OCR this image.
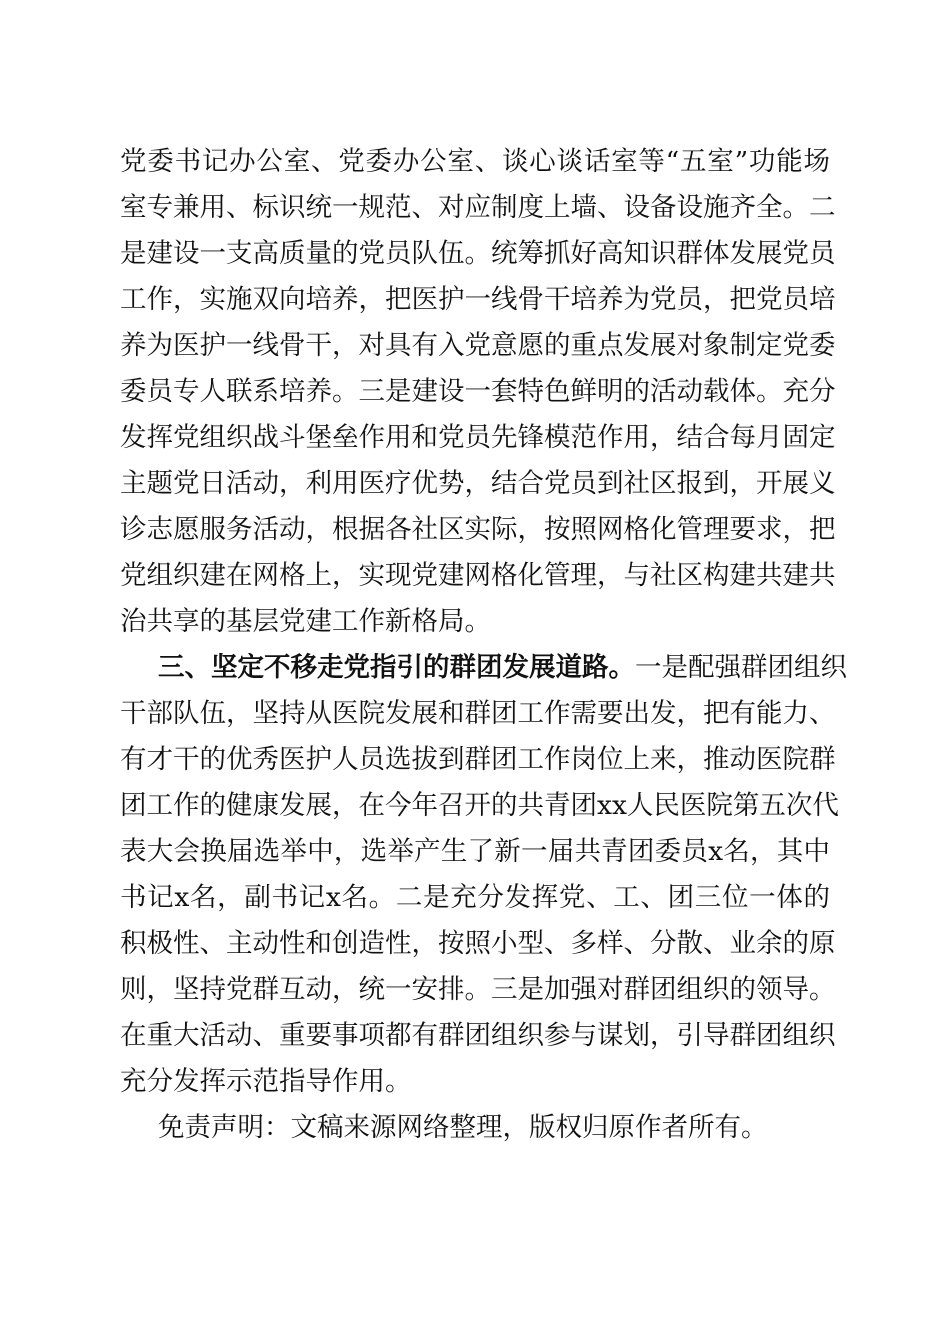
党委书记办公室、党委办公室、谈心谈话室等“五室”功能场
室专兼用、标识统一规范、对应制度上墙、设备设施齐全。二
是建设一支高质量的党员队伍。统筹抓好高知识群体发展党员
工作，实施双向培养，把医护一线骨干培养为党员，把党员培
养为医护一线骨干，对具有入党意愿的重点发展对象制定党委
委员专人联系培养。三是建设一套特色鲜明的活动载体。充分
发挥党组织战斗堡垒作用和党员先锋模范作用，结合每月固定
主题党日活动，利用医疗优势，结合党员到社区报到，开展义
诊志愿服务活动，根据各社区实际，按照网格化管理要求，把
党组织建在网格上，实现党建网格化管理，与社区构建共建共
治共享的基层党建工作新格局。
三、坚定不移走党指引的群团发展道路。一是配强群团组织
干部队伍，坚持从医院发展和群团工作需要出发，把有能力、
有才干的优秀医护人员选拔到群团工作岗位上来，推动医院群
团工作的健康发展，在今年召开的共青团xx人民医院第五次代
表大会换届选举中，选举产生了新一届共青团委员x名，其中
书记x名，副书记x名。二是充分发挥党、工、团三位一体的
积极性、主动性和创造性，按照小型、多样、分散、业余的原
则，坚持党群互动，统一安排。三是加强对群团组织的领导。
在重大活动、重要事项都有群团组织参与谋划，引导群团组织
充分发挥示范指导作用。
免责声明：文稿来源网络整理，版权归原作者所有。
